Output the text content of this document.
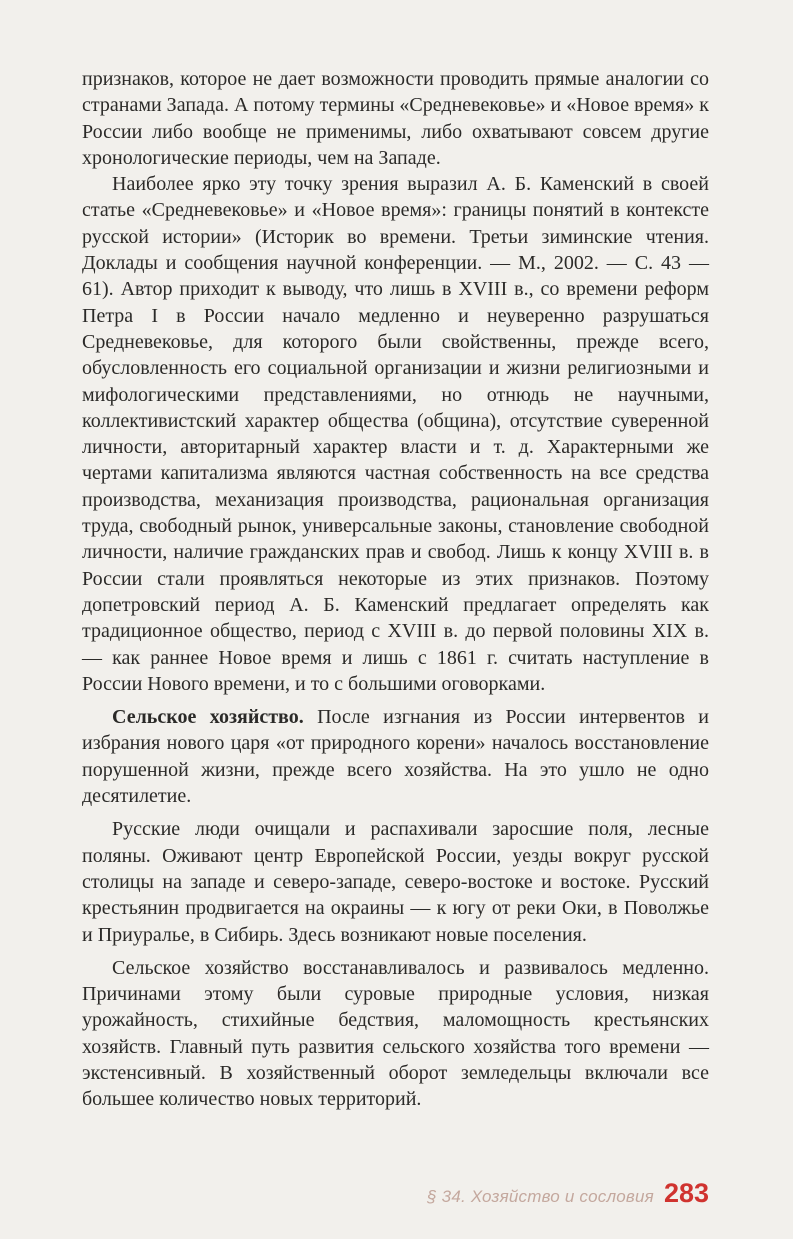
признаков, которое не дает возможности проводить прямые аналогии со странами Запада. А потому термины «Средневековье» и «Новое время» к России либо вообще не применимы, либо охватывают совсем другие хронологические периоды, чем на Западе.

Наиболее ярко эту точку зрения выразил А. Б. Каменский в своей статье «Средневековье» и «Новое время»: границы понятий в контексте русской истории» (Историк во времени. Третьи зиминские чтения. Доклады и сообщения научной конференции. — М., 2002. — С. 43 — 61). Автор приходит к выводу, что лишь в XVIII в., со времени реформ Петра I в России начало медленно и неуверенно разрушаться Средневековье, для которого были свойственны, прежде всего, обусловленность его социальной организации и жизни религиозными и мифологическими представлениями, но отнюдь не научными, коллективистский характер общества (община), отсутствие суверенной личности, авторитарный характер власти и т. д. Характерными же чертами капитализма являются частная собственность на все средства производства, механизация производства, рациональная организация труда, свободный рынок, универсальные законы, становление свободной личности, наличие гражданских прав и свобод. Лишь к концу XVIII в. в России стали проявляться некоторые из этих признаков. Поэтому допетровский период А. Б. Каменский предлагает определять как традиционное общество, период с XVIII в. до первой половины XIX в. — как раннее Новое время и лишь с 1861 г. считать наступление в России Нового времени, и то с большими оговорками.

Сельское хозяйство. После изгнания из России интервентов и избрания нового царя «от природного корени» началось восстановление порушенной жизни, прежде всего хозяйства. На это ушло не одно десятилетие.

Русские люди очищали и распахивали заросшие поля, лесные поляны. Оживают центр Европейской России, уезды вокруг русской столицы на западе и северо-западе, северо-востоке и востоке. Русский крестьянин продвигается на окраины — к югу от реки Оки, в Поволжье и Приуралье, в Сибирь. Здесь возникают новые поселения.

Сельское хозяйство восстанавливалось и развивалось медленно. Причинами этому были суровые природные условия, низкая урожайность, стихийные бедствия, маломощность крестьянских хозяйств. Главный путь развития сельского хозяйства того времени — экстенсивный. В хозяйственный оборот земледельцы включали все большее количество новых территорий.

§ 34. Хозяйство и сословия 283
